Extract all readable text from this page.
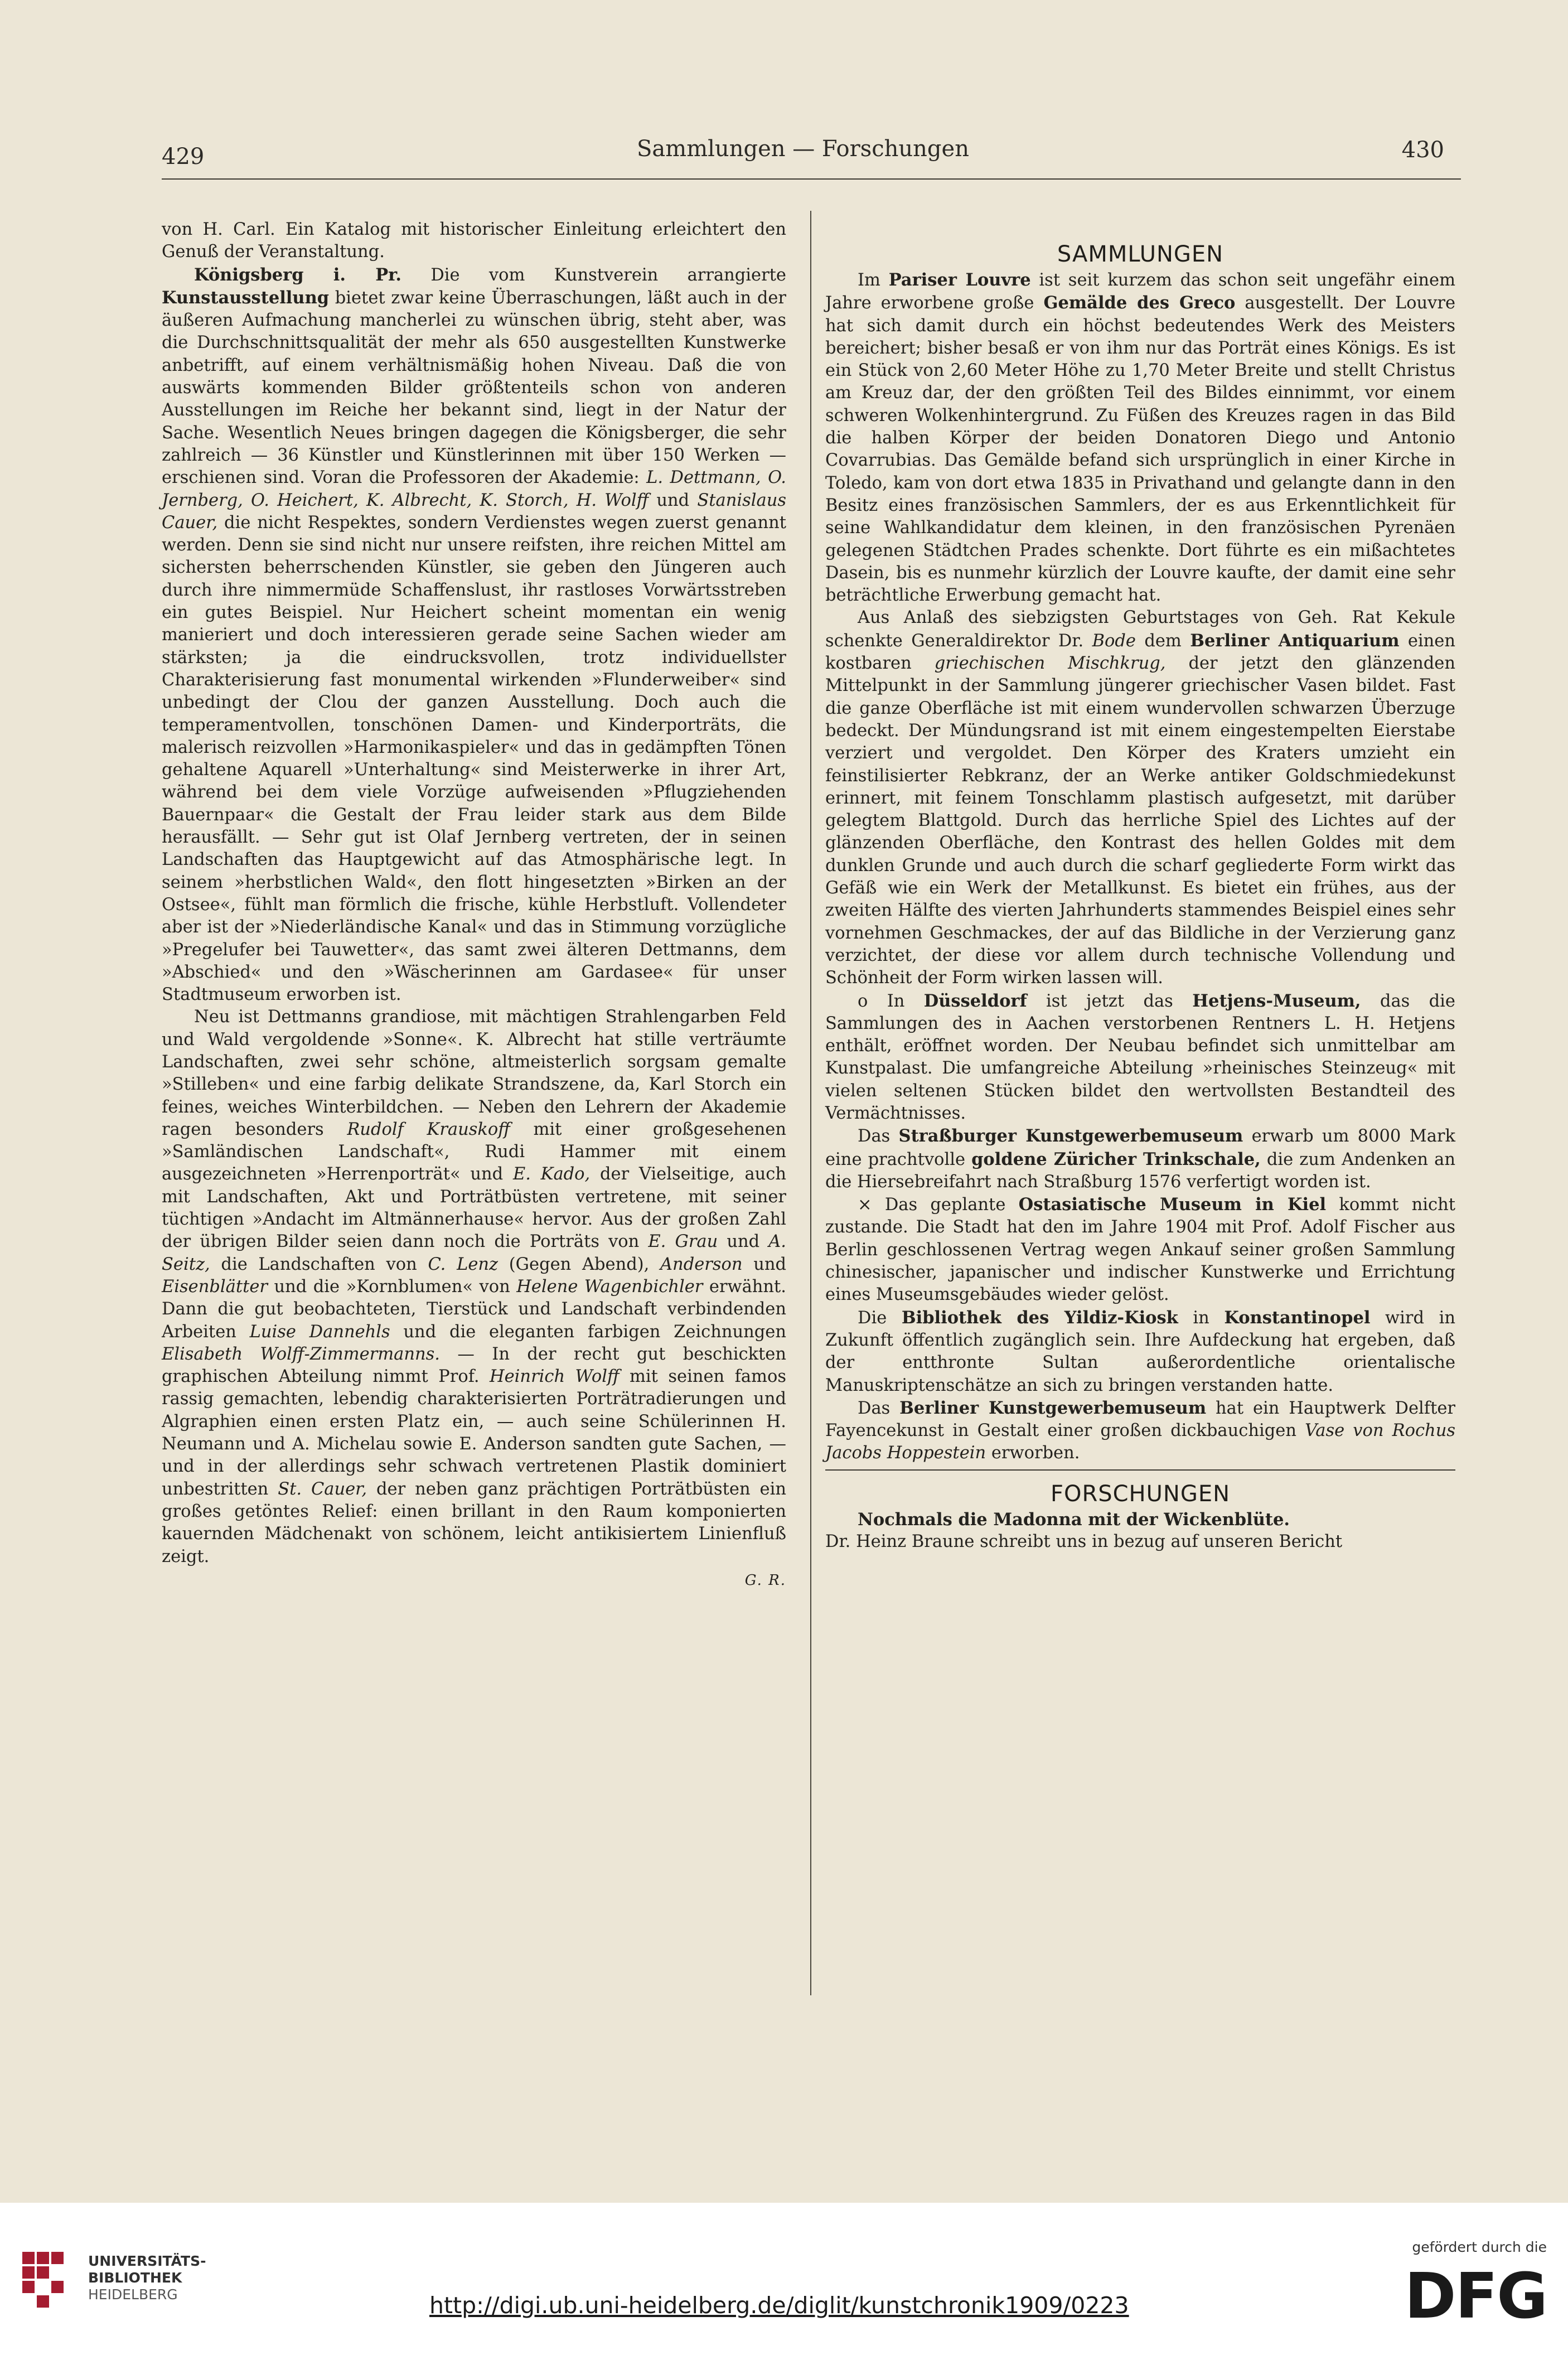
429	Sammlungen — Forschungen	430

von H. Carl. Ein Katalog mit historischer Einleitung erleichtert den Genuß der Veranstaltung.

Königsberg i. Pr. Die vom Kunstverein arrangierte Kunstausstellung bietet zwar keine Überraschungen, läßt auch in der äußeren Aufmachung mancherlei zu wünschen übrig, steht aber, was die Durchschnittsqualität der mehr als 650 ausgestellten Kunstwerke anbetrifft, auf einem verhältnismäßig hohen Niveau. Daß die von auswärts kommenden Bilder größtenteils schon von anderen Ausstellungen im Reiche her bekannt sind, liegt in der Natur der Sache. Wesentlich Neues bringen dagegen die Königsberger, die sehr zahlreich — 36 Künstler und Künstlerinnen mit über 150 Werken — erschienen sind. Voran die Professoren der Akademie: L. Dettmann, O. Jernberg, O. Heichert, K. Albrecht, K. Storch, H. Wolff und Stanislaus Cauer, die nicht Respektes, sondern Verdienstes wegen zuerst genannt werden. Denn sie sind nicht nur unsere reifsten, ihre reichen Mittel am sichersten beherrschenden Künstler, sie geben den Jüngeren auch durch ihre nimmermüde Schaffenslust, ihr rastloses Vorwärtsstreben ein gutes Beispiel. Nur Heichert scheint momentan ein wenig manieriert und doch interessieren gerade seine Sachen wieder am stärksten; ja die eindrucksvollen, trotz individuellster Charakterisierung fast monumental wirkenden »Flunderweiber« sind unbedingt der Clou der ganzen Ausstellung. Doch auch die temperamentvollen, tonschönen Damen- und Kinderporträts, die malerisch reizvollen »Harmonikaspieler« und das in gedämpften Tönen gehaltene Aquarell »Unterhaltung« sind Meisterwerke in ihrer Art, während bei dem viele Vorzüge aufweisenden »Pflugziehenden Bauernpaar« die Gestalt der Frau leider stark aus dem Bilde herausfällt. — Sehr gut ist Olaf Jernberg vertreten, der in seinen Landschaften das Hauptgewicht auf das Atmosphärische legt. In seinem »herbstlichen Wald«, den flott hingesetzten »Birken an der Ostsee«, fühlt man förmlich die frische, kühle Herbstluft. Vollendeter aber ist der »Niederländische Kanal« und das in Stimmung vorzügliche »Pregelufer bei Tauwetter«, das samt zwei älteren Dettmanns, dem »Abschied« und den »Wäscherinnen am Gardasee« für unser Stadtmuseum erworben ist.

Neu ist Dettmanns grandiose, mit mächtigen Strahlengarben Feld und Wald vergoldende »Sonne«. K. Albrecht hat stille verträumte Landschaften, zwei sehr schöne, altmeisterlich sorgsam gemalte »Stilleben« und eine farbig delikate Strandszene, da, Karl Storch ein feines, weiches Winterbildchen. — Neben den Lehrern der Akademie ragen besonders Rudolf Krauskoff mit einer großgesehenen »Samländischen Landschaft«, Rudi Hammer mit einem ausgezeichneten »Herrenporträt« und E. Kado, der Vielseitige, auch mit Landschaften, Akt und Porträtbüsten vertretene, mit seiner tüchtigen »Andacht im Altmännerhause« hervor. Aus der großen Zahl der übrigen Bilder seien dann noch die Porträts von E. Grau und A. Seitz, die Landschaften von C. Lenz (Gegen Abend), Anderson und Eisenblätter und die »Kornblumen« von Helene Wagenbichler erwähnt. Dann die gut beobachteten, Tierstück und Landschaft verbindenden Arbeiten Luise Dannehls und die eleganten farbigen Zeichnungen Elisabeth Wolff-Zimmermanns. — In der recht gut beschickten graphischen Abteilung nimmt Prof. Heinrich Wolff mit seinen famos rassig gemachten, lebendig charakterisierten Porträtradierungen und Algraphien einen ersten Platz ein, — auch seine Schülerinnen H. Neumann und A. Michelau sowie E. Anderson sandten gute Sachen, — und in der allerdings sehr schwach vertretenen Plastik dominiert unbestritten St. Cauer, der neben ganz prächtigen Porträtbüsten ein großes getöntes Relief: einen brillant in den Raum komponierten kauernden Mädchenakt von schönem, leicht antikisiertem Linienfluß zeigt.

G. R.
SAMMLUNGEN

Im Pariser Louvre ist seit kurzem das schon seit ungefähr einem Jahre erworbene große Gemälde des Greco ausgestellt. Der Louvre hat sich damit durch ein höchst bedeutendes Werk des Meisters bereichert; bisher besaß er von ihm nur das Porträt eines Königs. Es ist ein Stück von 2,60 Meter Höhe zu 1,70 Meter Breite und stellt Christus am Kreuz dar, der den größten Teil des Bildes einnimmt, vor einem schweren Wolkenhintergrund. Zu Füßen des Kreuzes ragen in das Bild die halben Körper der beiden Donatoren Diego und Antonio Covarrubias. Das Gemälde befand sich ursprünglich in einer Kirche in Toledo, kam von dort etwa 1835 in Privathand und gelangte dann in den Besitz eines französischen Sammlers, der es aus Erkenntlichkeit für seine Wahlkandidatur dem kleinen, in den französischen Pyrenäen gelegenen Städtchen Prades schenkte. Dort führte es ein mißachtetes Dasein, bis es nunmehr kürzlich der Louvre kaufte, der damit eine sehr beträchtliche Erwerbung gemacht hat.

Aus Anlaß des siebzigsten Geburtstages von Geh. Rat Kekule schenkte Generaldirektor Dr. Bode dem Berliner Antiquarium einen kostbaren griechischen Mischkrug, der jetzt den glänzenden Mittelpunkt in der Sammlung jüngerer griechischer Vasen bildet. Fast die ganze Oberfläche ist mit einem wundervollen schwarzen Überzuge bedeckt. Der Mündungsrand ist mit einem eingestempelten Eierstabe verziert und vergoldet. Den Körper des Kraters umzieht ein feinstilisierter Rebkranz, der an Werke antiker Goldschmiedekunst erinnert, mit feinem Tonschlamm plastisch aufgesetzt, mit darüber gelegtem Blattgold. Durch das herrliche Spiel des Lichtes auf der glänzenden Oberfläche, den Kontrast des hellen Goldes mit dem dunklen Grunde und auch durch die scharf gegliederte Form wirkt das Gefäß wie ein Werk der Metallkunst. Es bietet ein frühes, aus der zweiten Hälfte des vierten Jahrhunderts stammendes Beispiel eines sehr vornehmen Geschmackes, der auf das Bildliche in der Verzierung ganz verzichtet, der diese vor allem durch technische Vollendung und Schönheit der Form wirken lassen will.

o In Düsseldorf ist jetzt das Hetjens-Museum, das die Sammlungen des in Aachen verstorbenen Rentners L. H. Hetjens enthält, eröffnet worden. Der Neubau befindet sich unmittelbar am Kunstpalast. Die umfangreiche Abteilung »rheinisches Steinzeug« mit vielen seltenen Stücken bildet den wertvollsten Bestandteil des Vermächtnisses.

Das Straßburger Kunstgewerbemuseum erwarb um 8000 Mark eine prachtvolle goldene Züricher Trinkschale, die zum Andenken an die Hiersebreifahrt nach Straßburg 1576 verfertigt worden ist.

× Das geplante Ostasiatische Museum in Kiel kommt nicht zustande. Die Stadt hat den im Jahre 1904 mit Prof. Adolf Fischer aus Berlin geschlossenen Vertrag wegen Ankauf seiner großen Sammlung chinesischer, japanischer und indischer Kunstwerke und Errichtung eines Museumsgebäudes wieder gelöst.

Die Bibliothek des Yildiz-Kiosk in Konstantinopel wird in Zukunft öffentlich zugänglich sein. Ihre Aufdeckung hat ergeben, daß der entthronte Sultan außerordentliche orientalische Manuskriptenschätze an sich zu bringen verstanden hatte.

Das Berliner Kunstgewerbemuseum hat ein Hauptwerk Delfter Fayencekunst in Gestalt einer großen dickbauchigen Vase von Rochus Jacobs Hoppestein erworben.

FORSCHUNGEN

Nochmals die Madonna mit der Wickenblüte.

Dr. Heinz Braune schreibt uns in bezug auf unseren Bericht

UNIVERSITÄTS-
BIBLIOTHEK
HEIDELBERG	http://digi.ub.uni-heidelberg.de/diglit/kunstchronik1909/0223
gefördert durch die
DFG
